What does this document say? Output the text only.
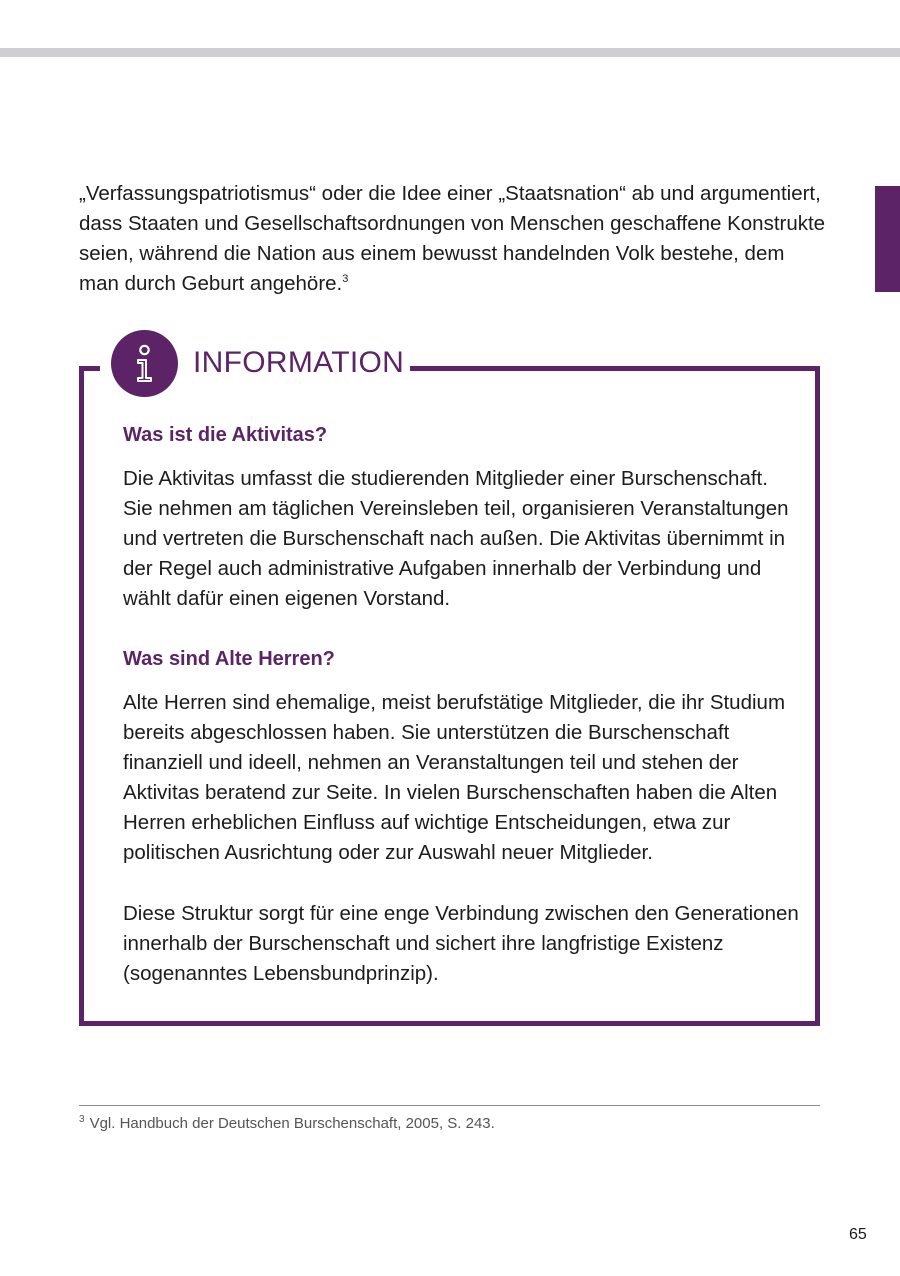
„Verfassungspatriotismus“ oder die Idee einer „Staatsnation“ ab und argumentiert, dass Staaten und Gesellschaftsordnungen von Menschen geschaffene Konstrukte seien, während die Nation aus einem bewusst handelnden Volk bestehe, dem man durch Geburt angehöre.$^3$

INFORMATION
Was ist die Aktivitas?

Die Aktivitas umfasst die studierenden Mitglieder einer Burschenschaft. Sie nehmen am täglichen Vereinsleben teil, organisieren Veranstaltungen und vertreten die Burschenschaft nach außen. Die Aktivitas übernimmt in der Regel auch administrative Aufgaben innerhalb der Verbindung und wählt dafür einen eigenen Vorstand.

Was sind Alte Herren?

Alte Herren sind ehemalige, meist berufstätige Mitglieder, die ihr Studium bereits abgeschlossen haben. Sie unterstützen die Burschenschaft finanziell und ideell, nehmen an Veranstaltungen teil und stehen der Aktivitas beratend zur Seite. In vielen Burschenschaften haben die Alten Herren erheblichen Einfluss auf wichtige Entscheidungen, etwa zur politischen Ausrichtung oder zur Auswahl neuer Mitglieder.

Diese Struktur sorgt für eine enge Verbindung zwischen den Generationen innerhalb der Burschenschaft und sichert ihre langfristige Existenz (sogenanntes Lebensbundprinzip).

$^3$ Vgl. Handbuch der Deutschen Burschenschaft, 2005, S. 243.

65
